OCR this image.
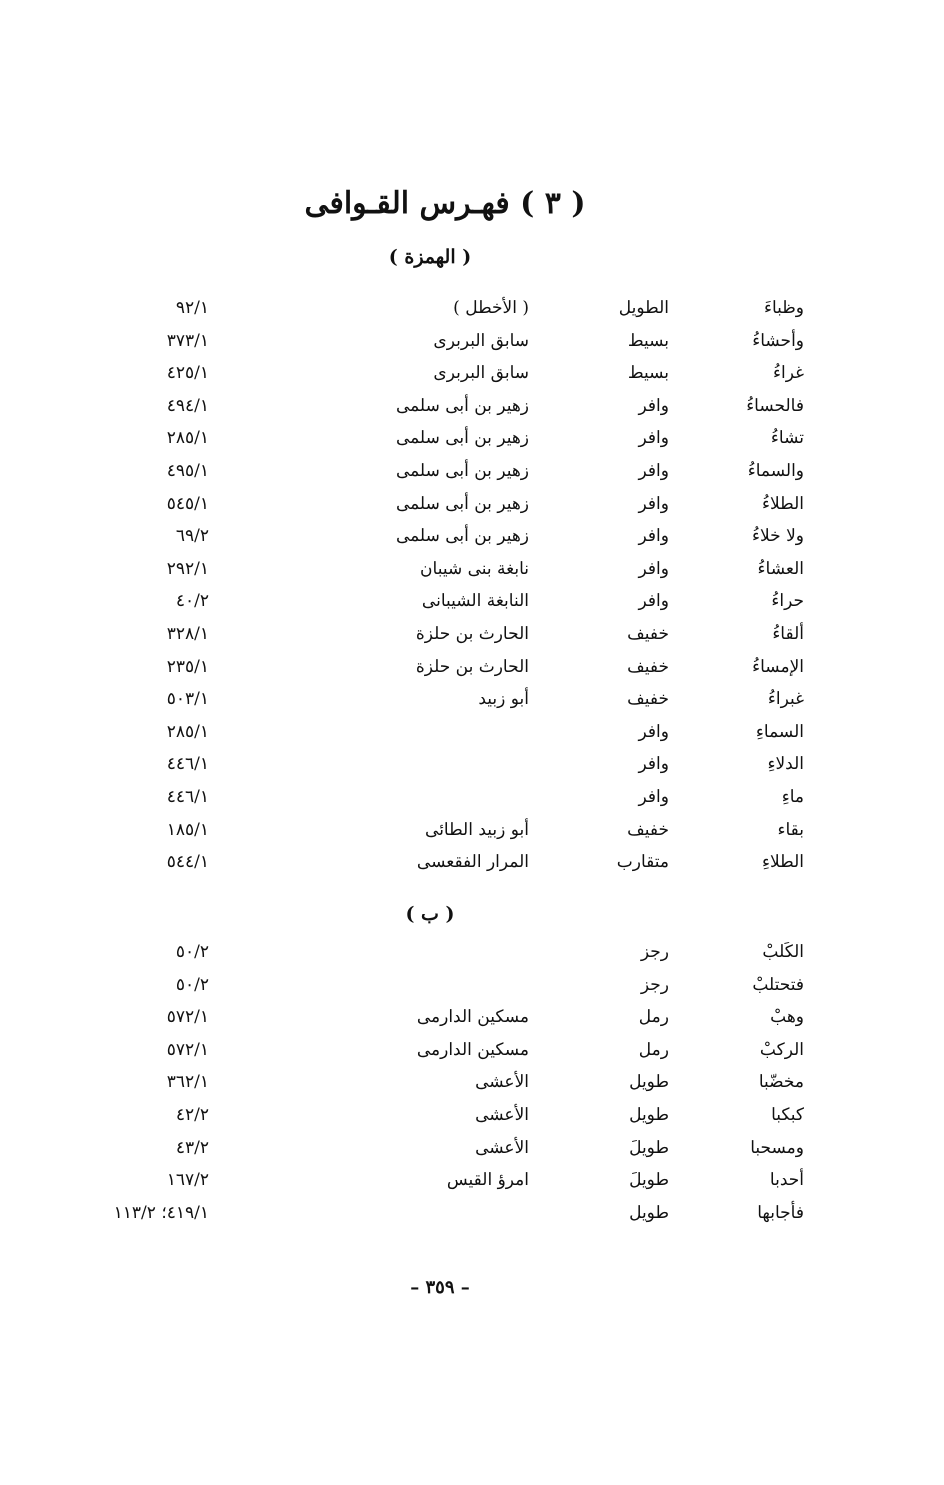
( ٣ ) فهـرس القـوافى
( الهمزة )
وظباءَ
الطويل
( الأخطل )
٩٢/١
وأحشاءُ
بسيط
سابق البربرى
٣٧٣/١
غراءُ
بسيط
سابق البربرى
٤٢٥/١
فالحساءُ
وافر
زهير بن أبى سلمى
٤٩٤/١
تشاءُ
وافر
زهير بن أبى سلمى
٢٨٥/١
والسماءُ
وافر
زهير بن أبى سلمى
٤٩٥/١
الطلاءُ
وافر
زهير بن أبى سلمى
٥٤٥/١
ولا خلاءُ
وافر
زهير بن أبى سلمى
٦٩/٢
العشاءُ
وافر
نابغة بنى شيبان
٢٩٢/١
حراءُ
وافر
النابغة الشيبانى
٤٠/٢
ألقاءُ
خفيف
الحارث بن حلزة
٣٢٨/١
الإمساءُ
خفيف
الحارث بن حلزة
٢٣٥/١
غبراءُ
خفيف
أبو زبيد
٥٠٣/١
السماءِ
وافر
٢٨٥/١
الدلاءِ
وافر
٤٤٦/١
ماءِ
وافر
٤٤٦/١
بقاء
خفيف
أبو زبيد الطائى
١٨٥/١
الطلاءِ
متقارب
المرار الفقعسى
٥٤٤/١
( ب )
الكَلبْ
رجز
٥٠/٢
فتحتلبْ
رجز
٥٠/٢
وهبْ
رمل
مسكين الدارمى
٥٧٢/١
الركبْ
رمل
مسكين الدارمى
٥٧٢/١
مخضّبا
طويل
الأعشى
٣٦٢/١
كبكبا
طويل
الأعشى
٤٢/٢
ومسحبا
طويلَ
الأعشى
٤٣/٢
أحدبا
طويلَ
امرؤ القيس
١٦٧/٢
فأجابها
طويل
٤١٩/١؛ ١١٣/٢
– ٣٥٩ –
